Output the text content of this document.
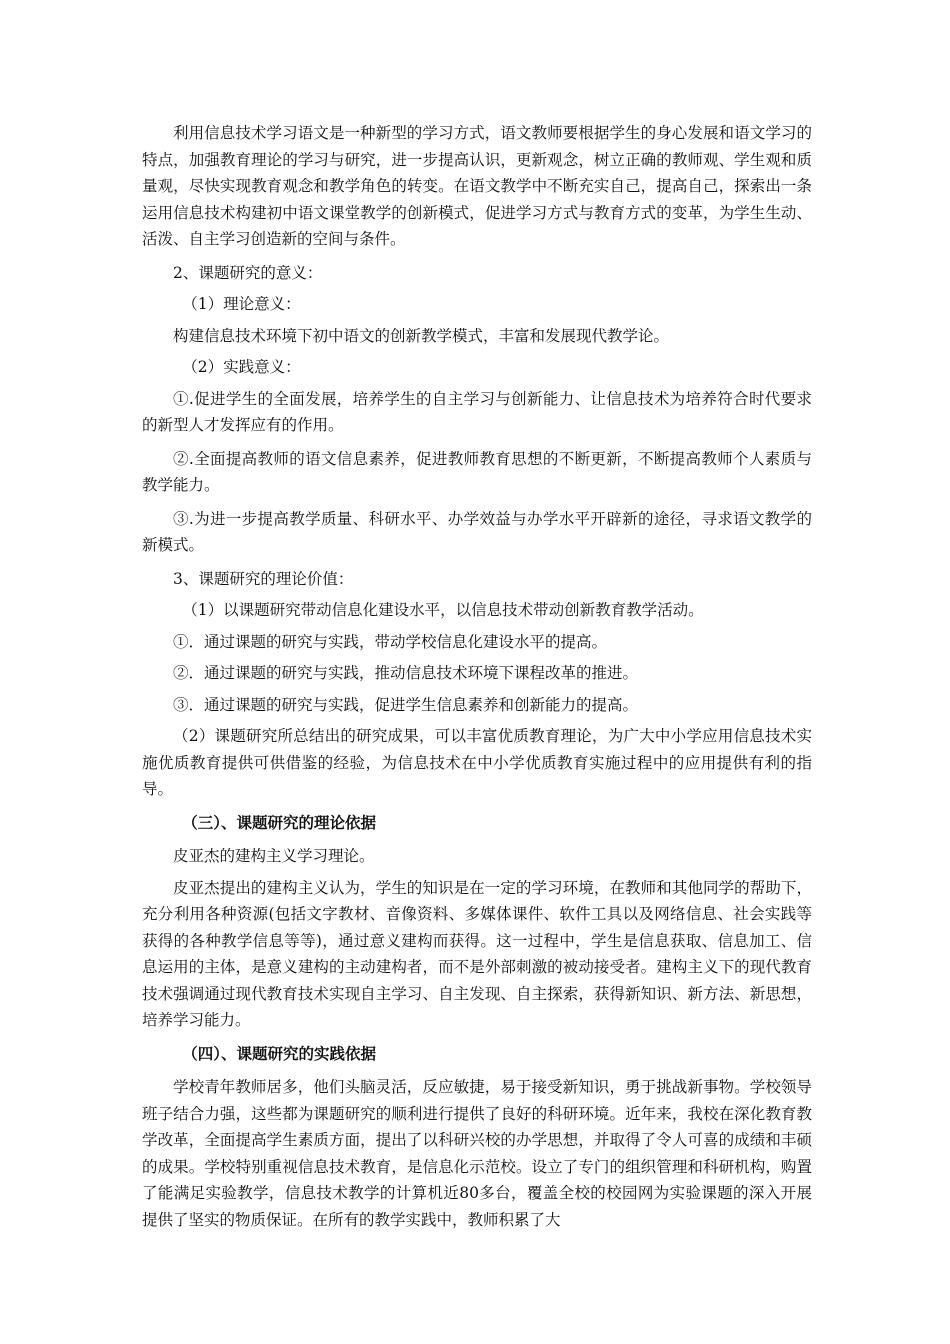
利用信息技术学习语文是一种新型的学习方式，语文教师要根据学生的身心发展和语文学习的特点，加强教育理论的学习与研究，进一步提高认识，更新观念，树立正确的教师观、学生观和质量观，尽快实现教育观念和教学角色的转变。在语文教学中不断充实自己，提高自己，探索出一条运用信息技术构建初中语文课堂教学的创新模式，促进学习方式与教育方式的变革，为学生生动、活泼、自主学习创造新的空间与条件。

2、课题研究的意义：

（1）理论意义：

构建信息技术环境下初中语文的创新教学模式，丰富和发展现代教学论。

（2）实践意义：

①.促进学生的全面发展，培养学生的自主学习与创新能力、让信息技术为培养符合时代要求的新型人才发挥应有的作用。

②.全面提高教师的语文信息素养，促进教师教育思想的不断更新，不断提高教师个人素质与教学能力。

③.为进一步提高教学质量、科研水平、办学效益与办学水平开辟新的途径，寻求语文教学的新模式。

3、课题研究的理论价值：

（1）以课题研究带动信息化建设水平，以信息技术带动创新教育教学活动。

①．通过课题的研究与实践，带动学校信息化建设水平的提高。

②．通过课题的研究与实践，推动信息技术环境下课程改革的推进。

③．通过课题的研究与实践，促进学生信息素养和创新能力的提高。

（2）课题研究所总结出的研究成果，可以丰富优质教育理论，为广大中小学应用信息技术实施优质教育提供可供借鉴的经验，为信息技术在中小学优质教育实施过程中的应用提供有利的指导。

（三）、课题研究的理论依据

皮亚杰的建构主义学习理论。

皮亚杰提出的建构主义认为，学生的知识是在一定的学习环境，在教师和其他同学的帮助下，充分利用各种资源(包括文字教材、音像资料、多媒体课件、软件工具以及网络信息、社会实践等获得的各种教学信息等等)，通过意义建构而获得。这一过程中，学生是信息获取、信息加工、信息运用的主体，是意义建构的主动建构者，而不是外部刺激的被动接受者。建构主义下的现代教育技术强调通过现代教育技术实现自主学习、自主发现、自主探索，获得新知识、新方法、新思想，培养学习能力。

（四）、课题研究的实践依据

学校青年教师居多，他们头脑灵活，反应敏捷，易于接受新知识，勇于挑战新事物。学校领导班子结合力强，这些都为课题研究的顺利进行提供了良好的科研环境。近年来，我校在深化教育教学改革，全面提高学生素质方面，提出了以科研兴校的办学思想，并取得了令人可喜的成绩和丰硕的成果。学校特别重视信息技术教育，是信息化示范校。设立了专门的组织管理和科研机构，购置了能满足实验教学，信息技术教学的计算机近80多台，覆盖全校的校园网为实验课题的深入开展提供了坚实的物质保证。在所有的教学实践中，教师积累了大
